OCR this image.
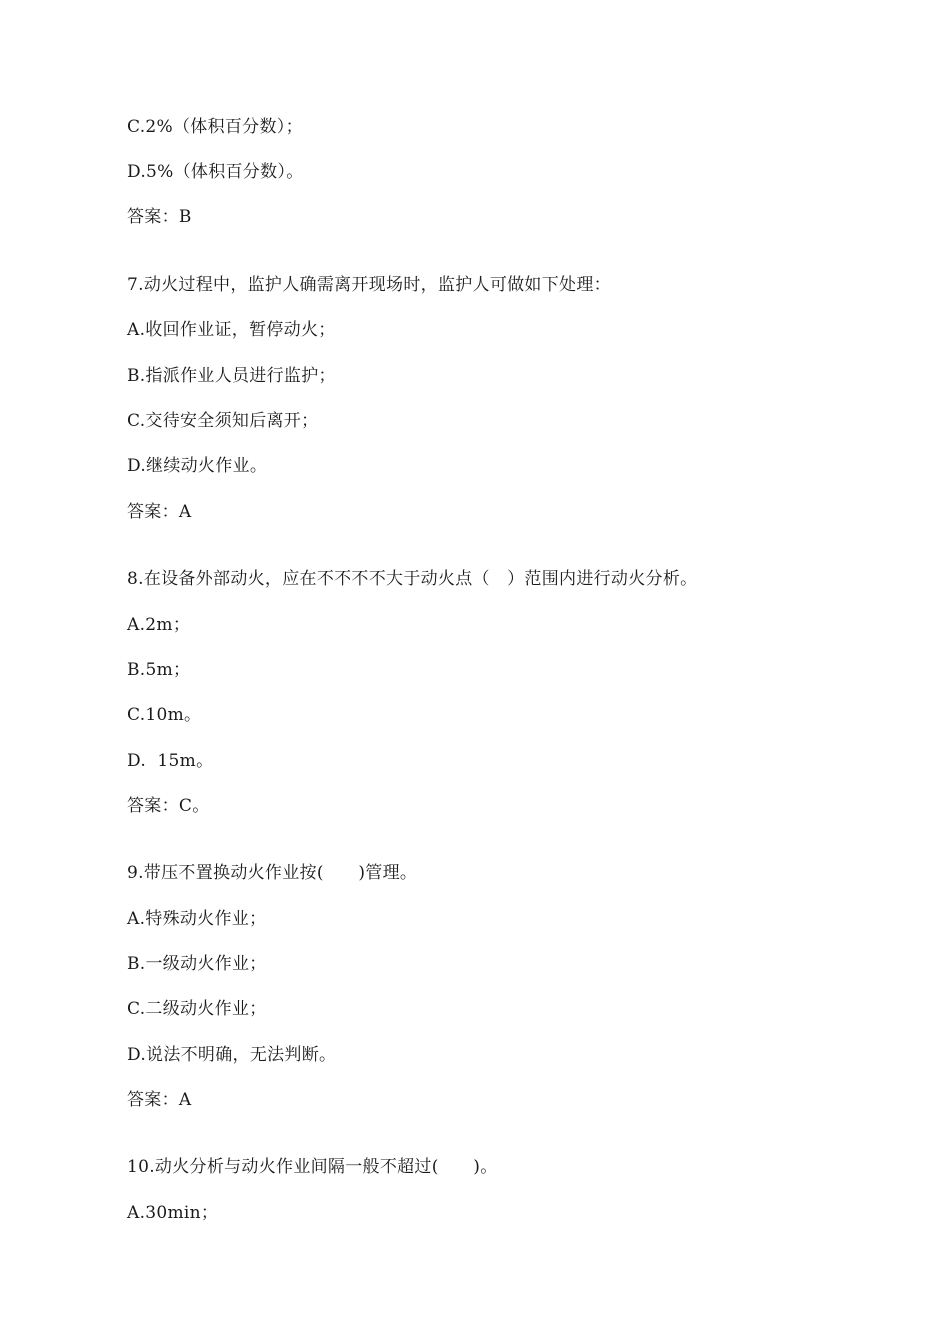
C.2%（体积百分数）；
D.5%（体积百分数）。
答案：B
7.动火过程中，监护人确需离开现场时，监护人可做如下处理：
A.收回作业证，暂停动火；
B.指派作业人员进行监护；
C.交待安全须知后离开；
D.继续动火作业。
答案：A
8.在设备外部动火，应在不不不不大于动火点（　）范围内进行动火分析。
A.2m；
B.5m；
C.10m。
D.  15m。
答案：C。
9.带压不置换动火作业按(　　)管理。
A.特殊动火作业；
B.一级动火作业；
C.二级动火作业；
D.说法不明确，无法判断。
答案：A
10.动火分析与动火作业间隔一般不超过(　　)。
A.30min；
